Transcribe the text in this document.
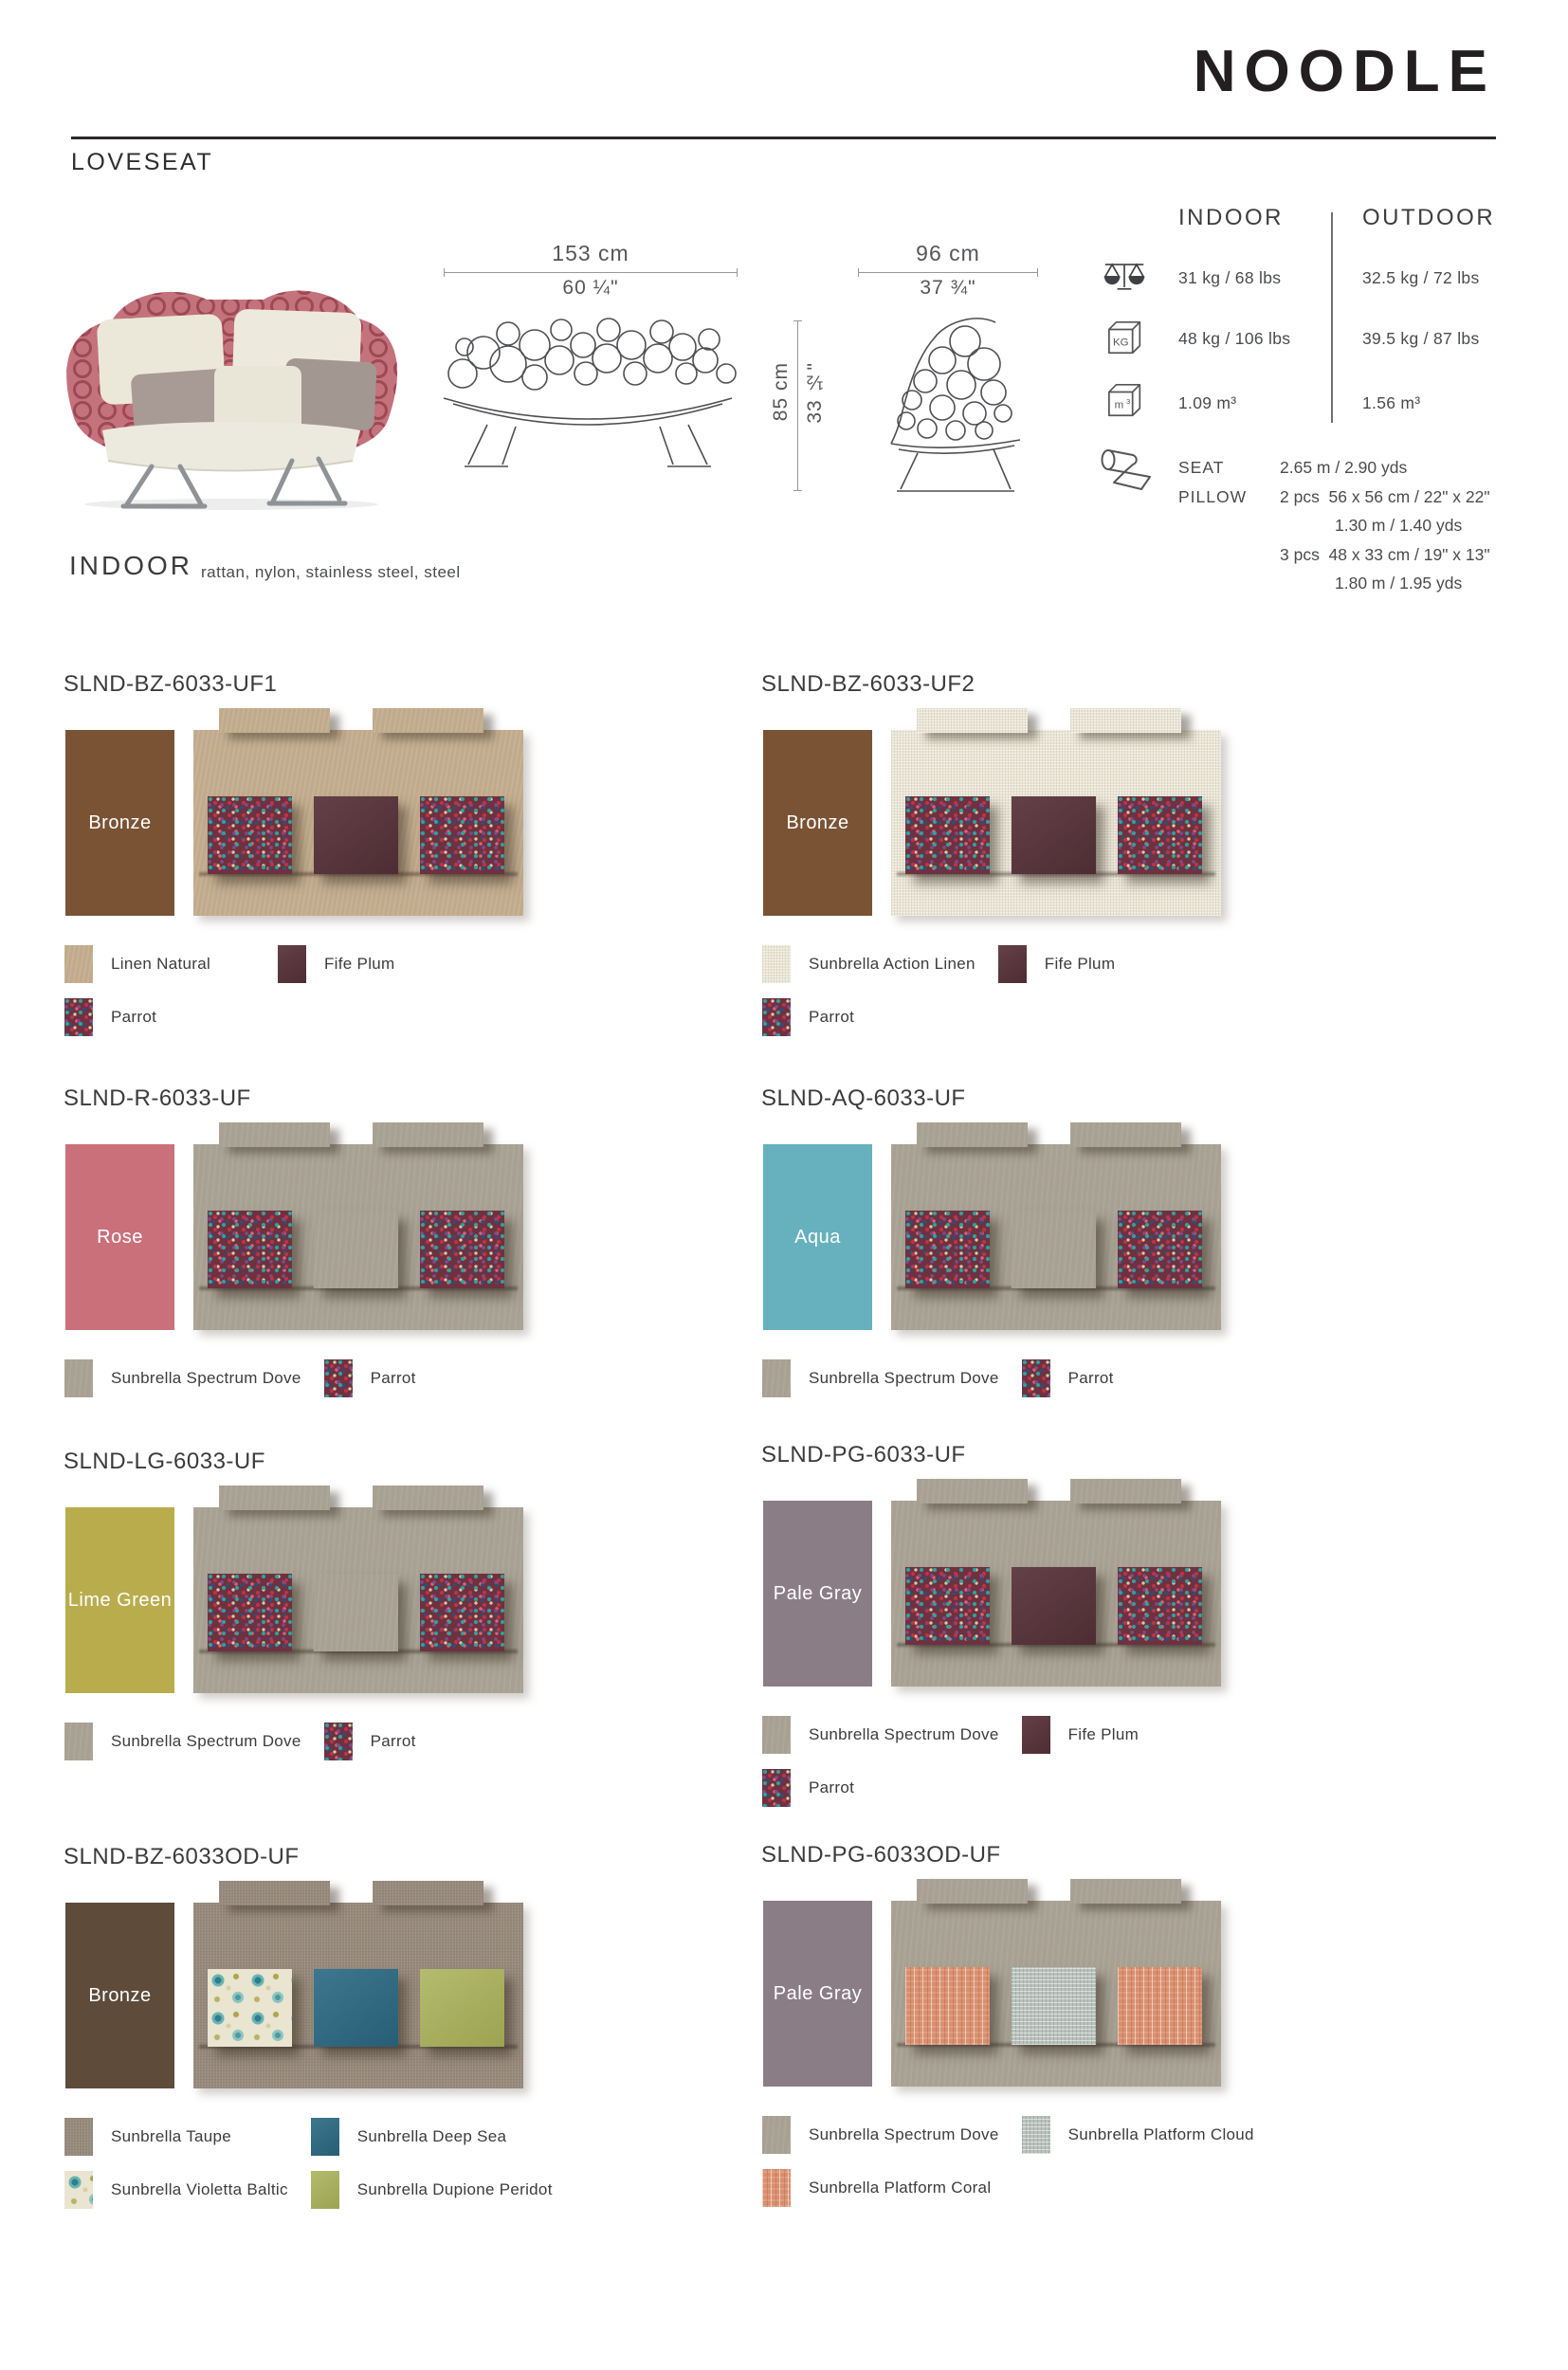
NOODLE
LOVESEAT
153 cm
60 ¼"
96 cm
37 ¾"
85 cm 33 ½"
INDOOR	OUTDOOR
31 kg / 68 lbs	32.5 kg / 72 lbs
KG	48 kg / 106 lbs	39.5 kg / 87 lbs
m 3	1.09 m³	1.56 m³
SEAT	2.65 m / 2.90 yds
PILLOW	2 pcs  56 x 56 cm / 22" x 22"
1.30 m / 1.40 yds
3 pcs  48 x 33 cm / 19" x 13"
1.80 m / 1.95 yds
INDOOR rattan, nylon, stainless steel, steel
SLND-BZ-6033-UF1
Bronze
Linen Natural	Fife Plum
Parrot
SLND-BZ-6033-UF2
Bronze
Sunbrella Action Linen	Fife Plum
Parrot
SLND-R-6033-UF
Rose
Sunbrella Spectrum Dove	Parrot
SLND-AQ-6033-UF
Aqua
Sunbrella Spectrum Dove	Parrot
SLND-LG-6033-UF
Lime Green
Sunbrella Spectrum Dove	Parrot
SLND-PG-6033-UF
Pale Gray
Sunbrella Spectrum Dove	Fife Plum
Parrot
SLND-BZ-6033OD-UF
Bronze
Sunbrella Taupe	Sunbrella Deep Sea
Sunbrella Violetta Baltic	Sunbrella Dupione Peridot
SLND-PG-6033OD-UF
Pale Gray
Sunbrella Spectrum Dove	Sunbrella Platform Cloud
Sunbrella Platform Coral
